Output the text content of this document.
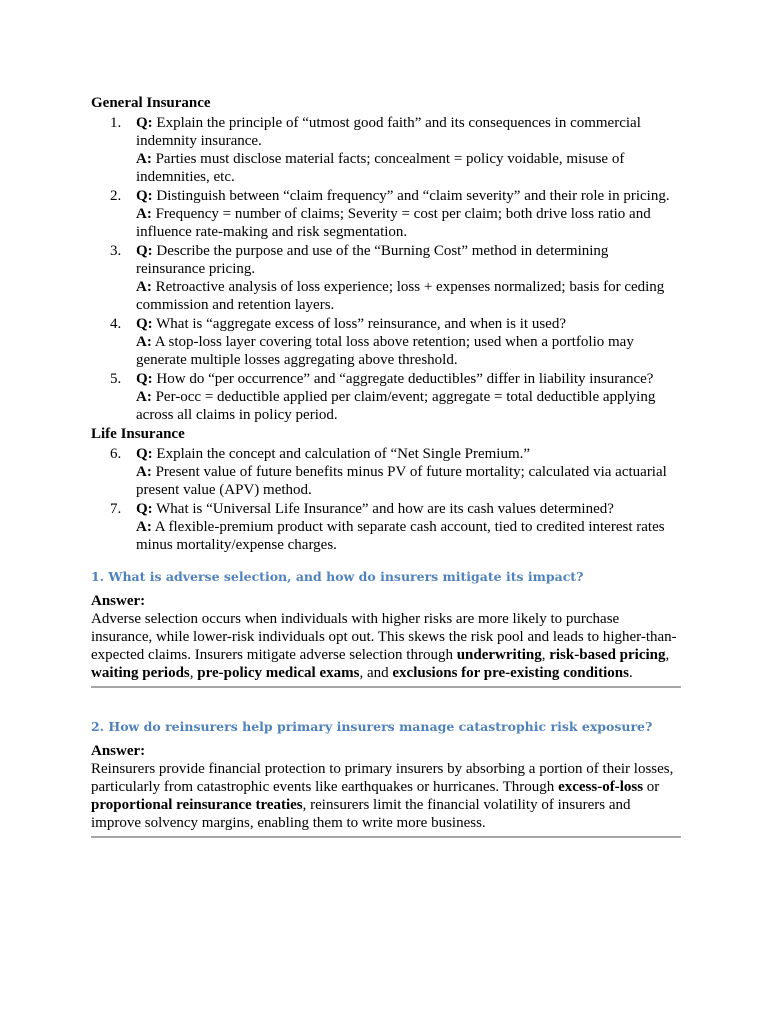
General Insurance
1. Q: Explain the principle of “utmost good faith” and its consequences in commercial indemnity insurance.
A: Parties must disclose material facts; concealment = policy voidable, misuse of indemnities, etc.
2. Q: Distinguish between “claim frequency” and “claim severity” and their role in pricing.
A: Frequency = number of claims; Severity = cost per claim; both drive loss ratio and influence rate-making and risk segmentation.
3. Q: Describe the purpose and use of the “Burning Cost” method in determining reinsurance pricing.
A: Retroactive analysis of loss experience; loss + expenses normalized; basis for ceding commission and retention layers.
4. Q: What is “aggregate excess of loss” reinsurance, and when is it used?
A: A stop-loss layer covering total loss above retention; used when a portfolio may generate multiple losses aggregating above threshold.
5. Q: How do “per occurrence” and “aggregate deductibles” differ in liability insurance?
A: Per-occ = deductible applied per claim/event; aggregate = total deductible applying across all claims in policy period.
Life Insurance
6. Q: Explain the concept and calculation of “Net Single Premium.”
A: Present value of future benefits minus PV of future mortality; calculated via actuarial present value (APV) method.
7. Q: What is “Universal Life Insurance” and how are its cash values determined?
A: A flexible-premium product with separate cash account, tied to credited interest rates minus mortality/expense charges.
1. What is adverse selection, and how do insurers mitigate its impact?
Answer:
Adverse selection occurs when individuals with higher risks are more likely to purchase insurance, while lower-risk individuals opt out. This skews the risk pool and leads to higher-than-expected claims. Insurers mitigate adverse selection through underwriting, risk-based pricing, waiting periods, pre-policy medical exams, and exclusions for pre-existing conditions.
2. How do reinsurers help primary insurers manage catastrophic risk exposure?
Answer:
Reinsurers provide financial protection to primary insurers by absorbing a portion of their losses, particularly from catastrophic events like earthquakes or hurricanes. Through excess-of-loss or proportional reinsurance treaties, reinsurers limit the financial volatility of insurers and improve solvency margins, enabling them to write more business.
